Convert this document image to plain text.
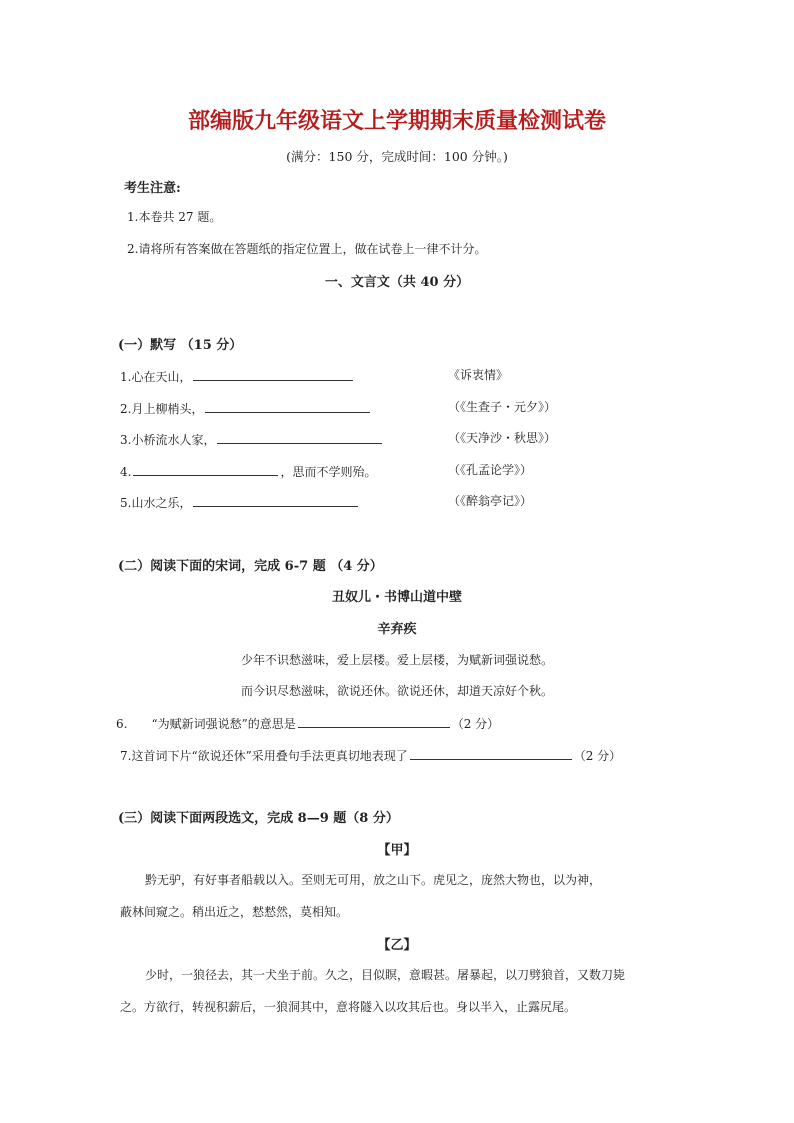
部编版九年级语文上学期期末质量检测试卷
(满分：150 分，完成时间：100 分钟。)
考生注意:
1.本卷共 27 题。
2.请将所有答案做在答题纸的指定位置上，做在试卷上一律不计分。
一、文言文（共 40 分）
(一）默写 （15 分）
1.心在天山，	《诉衷情》
2.月上柳梢头，	（《生查子・元夕》）
3.小桥流水人家，	（《天净沙・秋思》）
4.	，思而不学则殆。	（《孔孟论学》）
5.山水之乐，	（《醉翁亭记》）
(二）阅读下面的宋词，完成 6-7 题 （4 分）
丑奴儿・书博山道中壁
辛弃疾
少年不识愁滋味，爱上层楼。爱上层楼，为赋新词强说愁。
而今识尽愁滋味，欲说还休。欲说还休，却道天凉好个秋。
6. “为赋新词强说愁”的意思是	（2 分）
7.这首词下片“欲说还休”采用叠句手法更真切地表现了	（2 分）
(三）阅读下面两段选文，完成 8—9 题（8 分）
【甲】
黔无驴，有好事者船载以入。至则无可用，放之山下。虎见之，庞然大物也，以为神，
蔽林间窥之。稍出近之，慭慭然，莫相知。
【乙】
少时，一狼径去，其一犬坐于前。久之，目似瞑，意暇甚。屠暴起，以刀劈狼首，又数刀毙
之。方欲行，转视积薪后，一狼洞其中，意将隧入以攻其后也。身以半入，止露尻尾。
